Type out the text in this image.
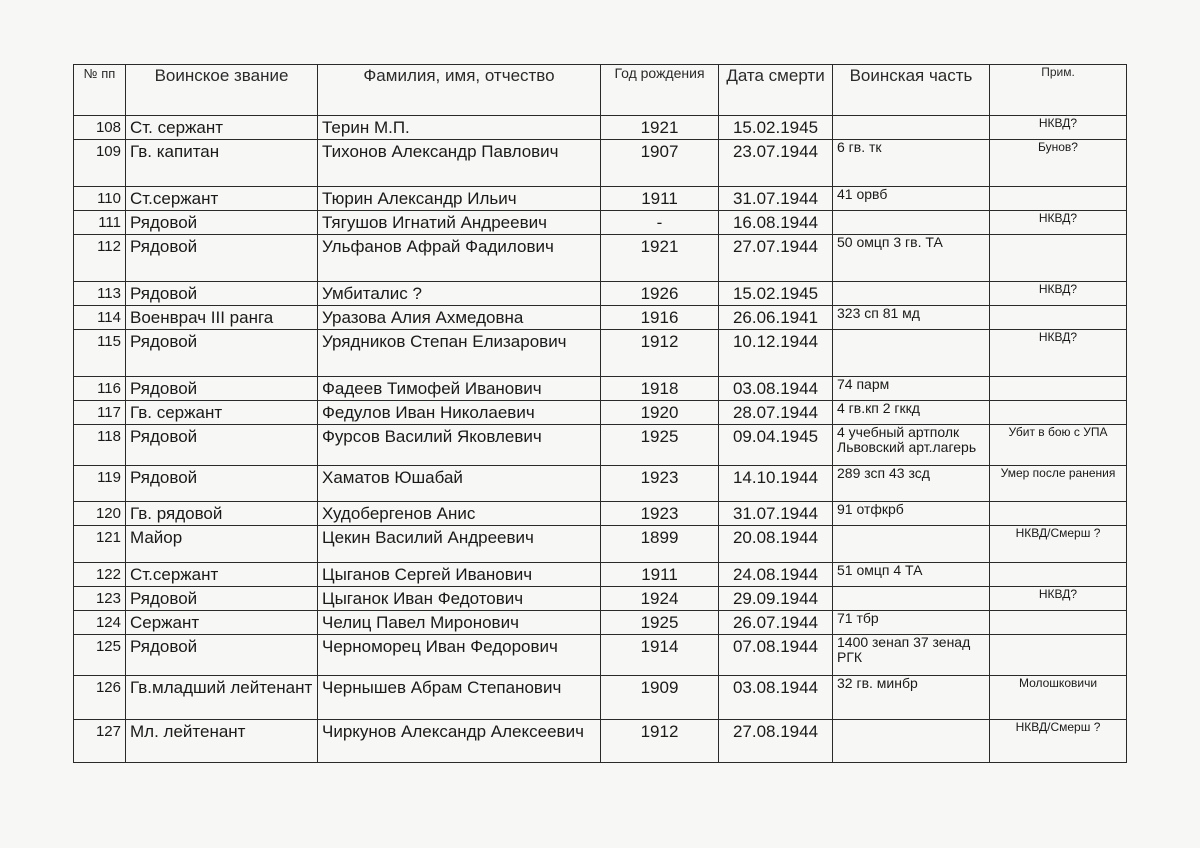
№ пп	Воинское звание	Фамилия, имя, отчество	Год рождения	Дата смерти	Воинская часть	Прим.
108	Ст. сержант	Терин М.П.	1921	15.02.1945		НКВД?
109	Гв. капитан	Тихонов Александр Павлович	1907	23.07.1944	6 гв. тк	Бунов?
110	Ст.сержант	Тюрин Александр Ильич	1911	31.07.1944	41 орвб	
111	Рядовой	Тягушов Игнатий Андреевич	-	16.08.1944		НКВД?
112	Рядовой	Ульфанов Афрай Фадилович	1921	27.07.1944	50 омцп 3 гв. ТА	
113	Рядовой	Умбиталис ?	1926	15.02.1945		НКВД?
114	Военврач III ранга	Уразова Алия Ахмедовна	1916	26.06.1941	323 сп 81 мд	
115	Рядовой	Урядников Степан Елизарович	1912	10.12.1944		НКВД?
116	Рядовой	Фадеев Тимофей Иванович	1918	03.08.1944	74 парм	
117	Гв. сержант	Федулов Иван Николаевич	1920	28.07.1944	4 гв.кп 2 гккд	
118	Рядовой	Фурсов Василий Яковлевич	1925	09.04.1945	4 учебный артполк Львовский арт.лагерь	Убит в бою с УПА
119	Рядовой	Хаматов Юшабай	1923	14.10.1944	289 зсп 43 зсд	Умер после ранения
120	Гв. рядовой	Худобергенов Анис	1923	31.07.1944	91 отфкрб	
121	Майор	Цекин Василий Андреевич	1899	20.08.1944		НКВД/Смерш ?
122	Ст.сержант	Цыганов Сергей Иванович	1911	24.08.1944	51 омцп 4 ТА	
123	Рядовой	Цыганок Иван Федотович	1924	29.09.1944		НКВД?
124	Сержант	Челиц Павел Миронович	1925	26.07.1944	71 тбр	
125	Рядовой	Черноморец Иван Федорович	1914	07.08.1944	1400 зенап 37 зенад РГК	
126	Гв.младший лейтенант	Чернышев Абрам Степанович	1909	03.08.1944	32 гв. минбр	Молошковичи
127	Мл. лейтенант	Чиркунов Александр Алексеевич	1912	27.08.1944		НКВД/Смерш ?
